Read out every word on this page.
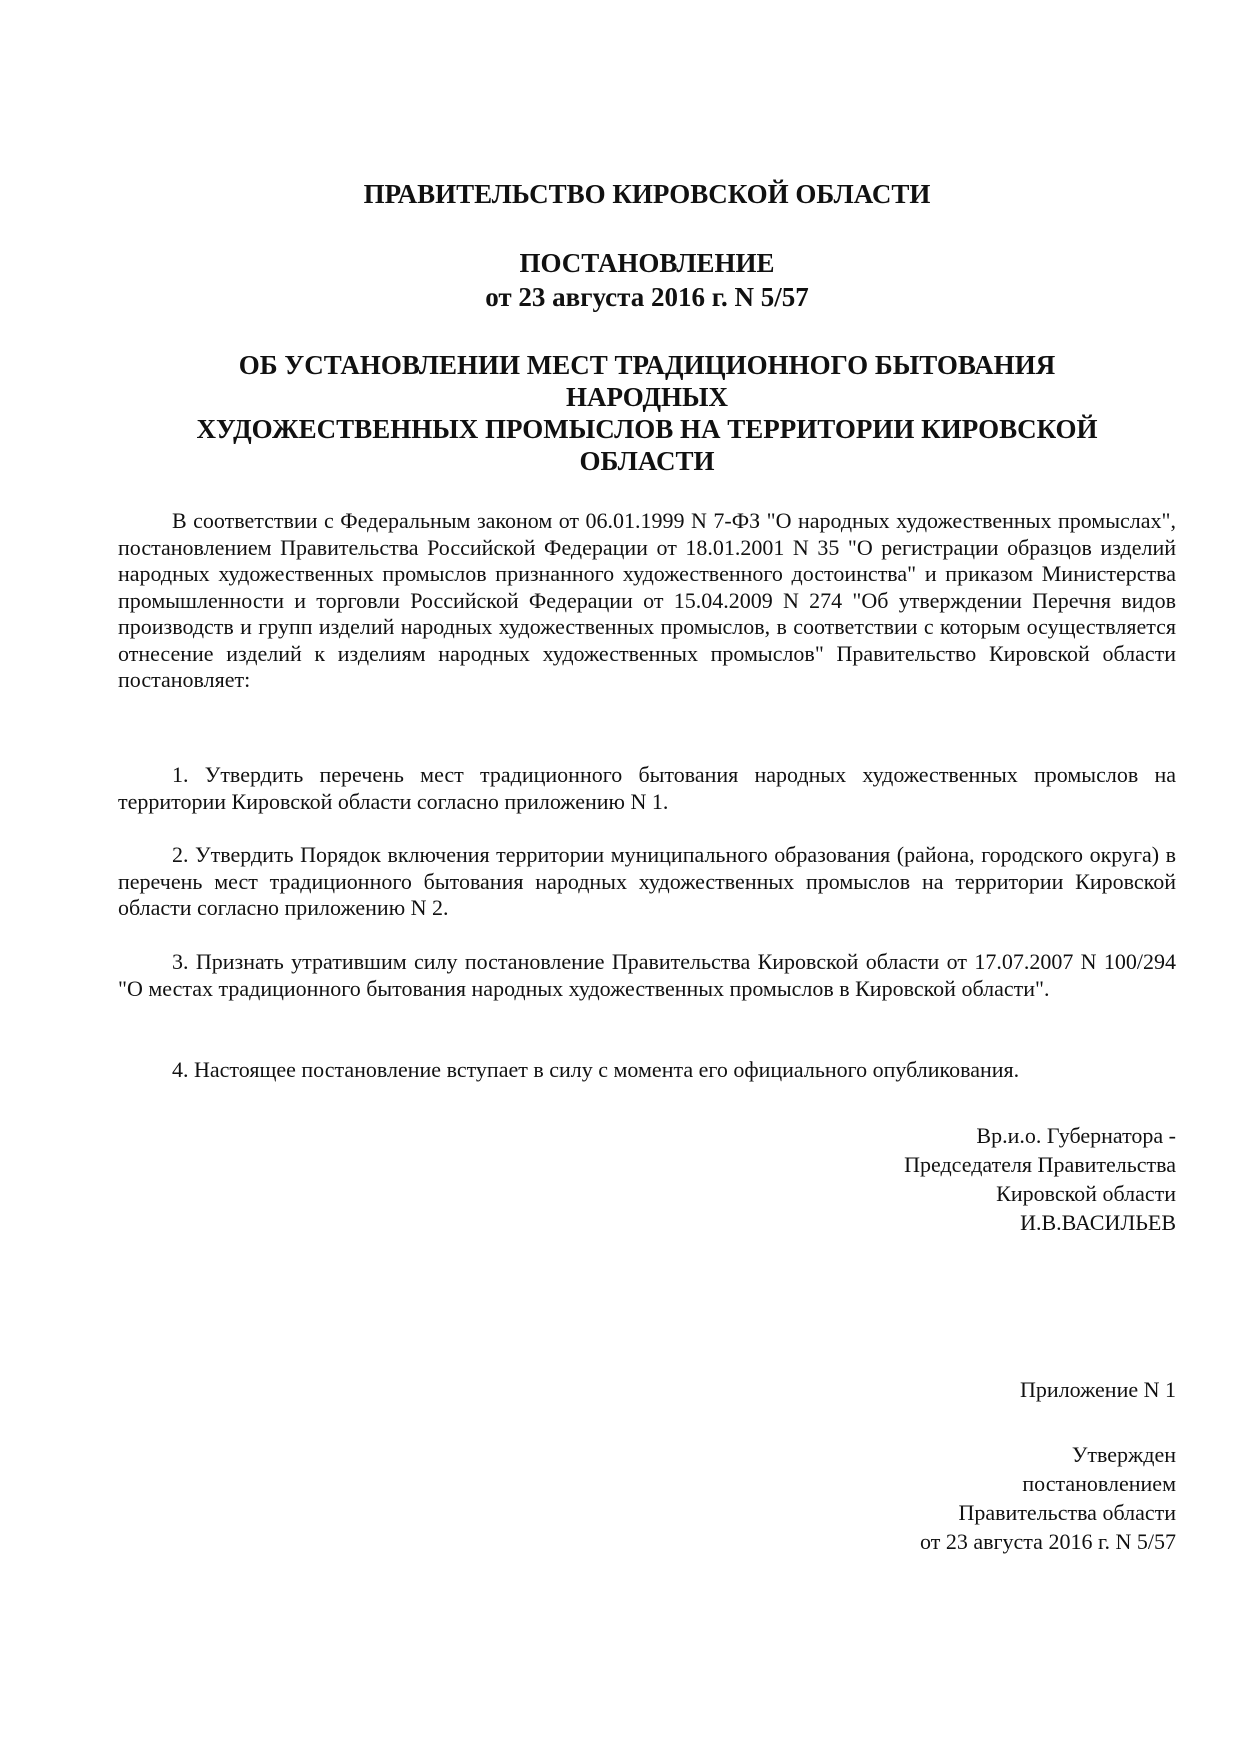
ПРАВИТЕЛЬСТВО КИРОВСКОЙ ОБЛАСТИ
ПОСТАНОВЛЕНИЕ
от 23 августа 2016 г. N 5/57
ОБ УСТАНОВЛЕНИИ МЕСТ ТРАДИЦИОННОГО БЫТОВАНИЯ
НАРОДНЫХ
ХУДОЖЕСТВЕННЫХ ПРОМЫСЛОВ НА ТЕРРИТОРИИ КИРОВСКОЙ
ОБЛАСТИ

В соответствии с Федеральным законом от 06.01.1999 N 7-ФЗ "О народных художественных промыслах", постановлением Правительства Российской Федерации от 18.01.2001 N 35 "О регистрации образцов изделий народных художественных промыслов признанного художественного достоинства" и приказом Министерства промышленности и торговли Российской Федерации от 15.04.2009 N 274 "Об утверждении Перечня видов производств и групп изделий народных художественных промыслов, в соответствии с которым осуществляется отнесение изделий к изделиям народных художественных промыслов" Правительство Кировской области постановляет:

1. Утвердить перечень мест традиционного бытования народных художественных промыслов на территории Кировской области согласно приложению N 1.

2. Утвердить Порядок включения территории муниципального образования (района, городского округа) в перечень мест традиционного бытования народных художественных промыслов на территории Кировской области согласно приложению N 2.

3. Признать утратившим силу постановление Правительства Кировской области от 17.07.2007 N 100/294 "О местах традиционного бытования народных художественных промыслов в Кировской области".

4. Настоящее постановление вступает в силу с момента его официального опубликования.

Вр.и.о. Губернатора -
Председателя Правительства
Кировской области
И.В.ВАСИЛЬЕВ
Приложение N 1
Утвержден
постановлением
Правительства области
от 23 августа 2016 г. N 5/57
